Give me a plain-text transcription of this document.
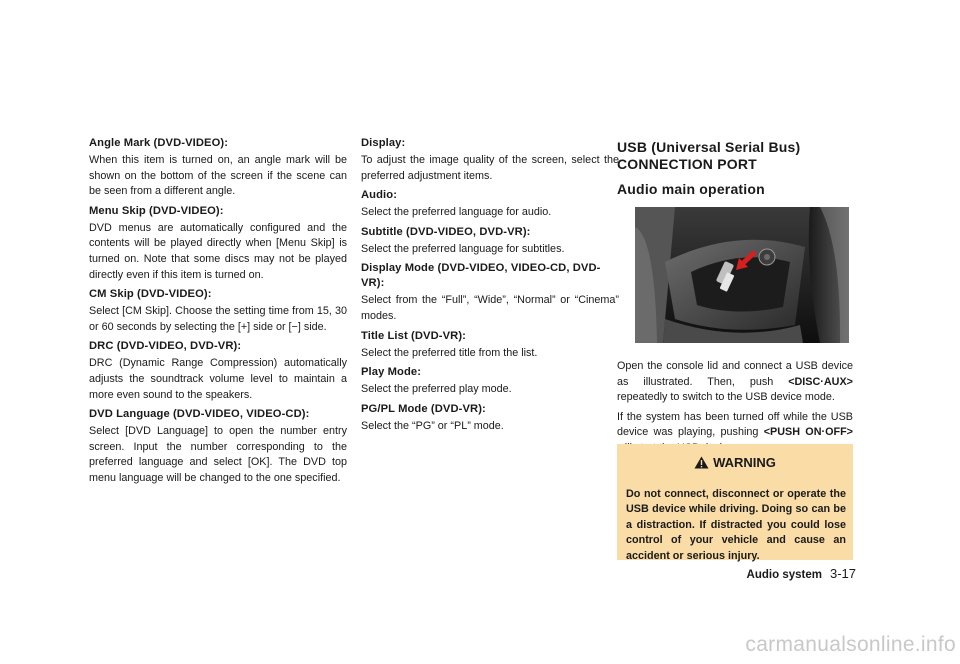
Angle Mark (DVD-VIDEO):
When this item is turned on, an angle mark will be shown on the bottom of the screen if the scene can be seen from a different angle.
Menu Skip (DVD-VIDEO):
DVD menus are automatically configured and the contents will be played directly when [Menu Skip] is turned on. Note that some discs may not be played directly even if this item is turned on.
CM Skip (DVD-VIDEO):
Select [CM Skip]. Choose the setting time from 15, 30 or 60 seconds by selecting the [+] side or [−] side.
DRC (DVD-VIDEO, DVD-VR):
DRC (Dynamic Range Compression) automatically adjusts the soundtrack volume level to maintain a more even sound to the speakers.
DVD Language (DVD-VIDEO, VIDEO-CD):
Select [DVD Language] to open the number entry screen. Input the number corresponding to the preferred language and select [OK]. The DVD top menu language will be changed to the one specified.
Display:
To adjust the image quality of the screen, select the preferred adjustment items.
Audio:
Select the preferred language for audio.
Subtitle (DVD-VIDEO, DVD-VR):
Select the preferred language for subtitles.
Display Mode (DVD-VIDEO, VIDEO-CD, DVD-VR):
Select from the “Full”, “Wide”, “Normal” or “Cinema” modes.
Title List (DVD-VR):
Select the preferred title from the list.
Play Mode:
Select the preferred play mode.
PG/PL Mode (DVD-VR):
Select the “PG” or “PL” mode.
USB (Universal Serial Bus) CONNECTION PORT
Audio main operation
Open the console lid and connect a USB device as illustrated. Then, push <DISC·AUX> repeatedly to switch to the USB device mode.
If the system has been turned off while the USB device was playing, pushing <PUSH ON·OFF>
WARNING
Do not connect, disconnect or operate the USB device while driving. Doing so can be a distraction. If distracted you could lose control of your vehicle and cause an accident or serious injury.
Audio system 3-17
carmanualsonline.info
